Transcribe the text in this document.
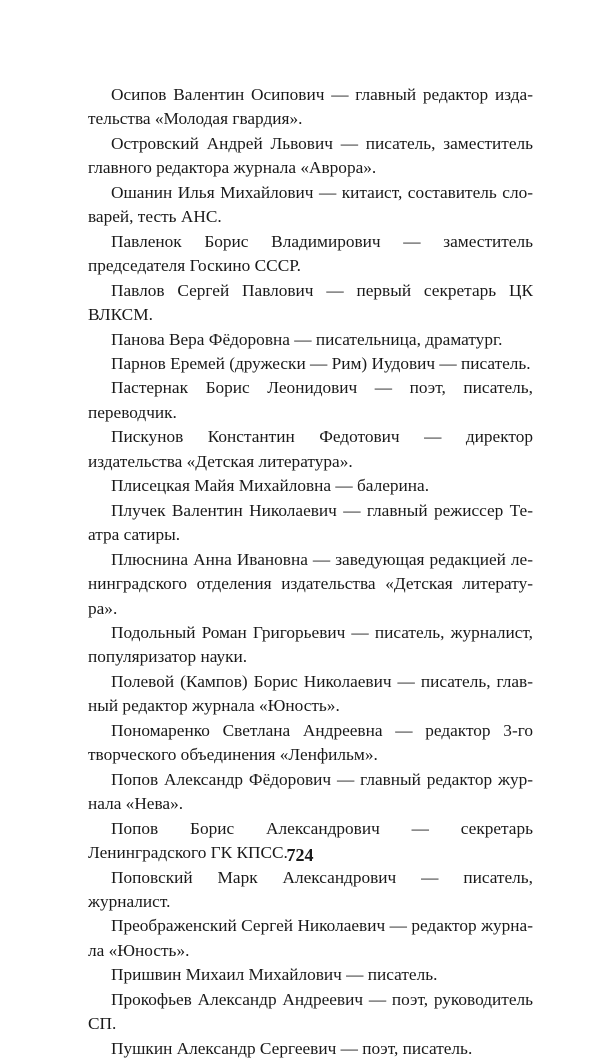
Осипов Валентин Осипович — главный редактор издательства «Молодая гвардия».

Островский Андрей Львович — писатель, заместитель главного редактора журнала «Аврора».

Ошанин Илья Михайлович — китаист, составитель словарей, тесть АНС.

Павленок Борис Владимирович — заместитель председателя Госкино СССР.

Павлов Сергей Павлович — первый секретарь ЦК ВЛКСМ.

Панова Вера Фёдоровна — писательница, драматург.

Парнов Еремей (дружески — Рим) Иудович — писатель.

Пастернак Борис Леонидович — поэт, писатель, переводчик.

Пискунов Константин Федотович — директор издательства «Детская литература».

Плисецкая Майя Михайловна — балерина.

Плучек Валентин Николаевич — главный режиссер Театра сатиры.

Плюснина Анна Ивановна — заведующая редакцией ленинградского отделения издательства «Детская литература».

Подольный Роман Григорьевич — писатель, журналист, популяризатор науки.

Полевой (Кампов) Борис Николаевич — писатель, главный редактор журнала «Юность».

Пономаренко Светлана Андреевна — редактор 3-го творческого объединения «Ленфильм».

Попов Александр Фёдорович — главный редактор журнала «Нева».

Попов Борис Александрович — секретарь Ленинградского ГК КПСС.

Поповский Марк Александрович — писатель, журналист.

Преображенский Сергей Николаевич — редактор журнала «Юность».

Пришвин Михаил Михайлович — писатель.

Прокофьев Александр Андреевич — поэт, руководитель СП.

Пушкин Александр Сергеевич — поэт, писатель.

724
